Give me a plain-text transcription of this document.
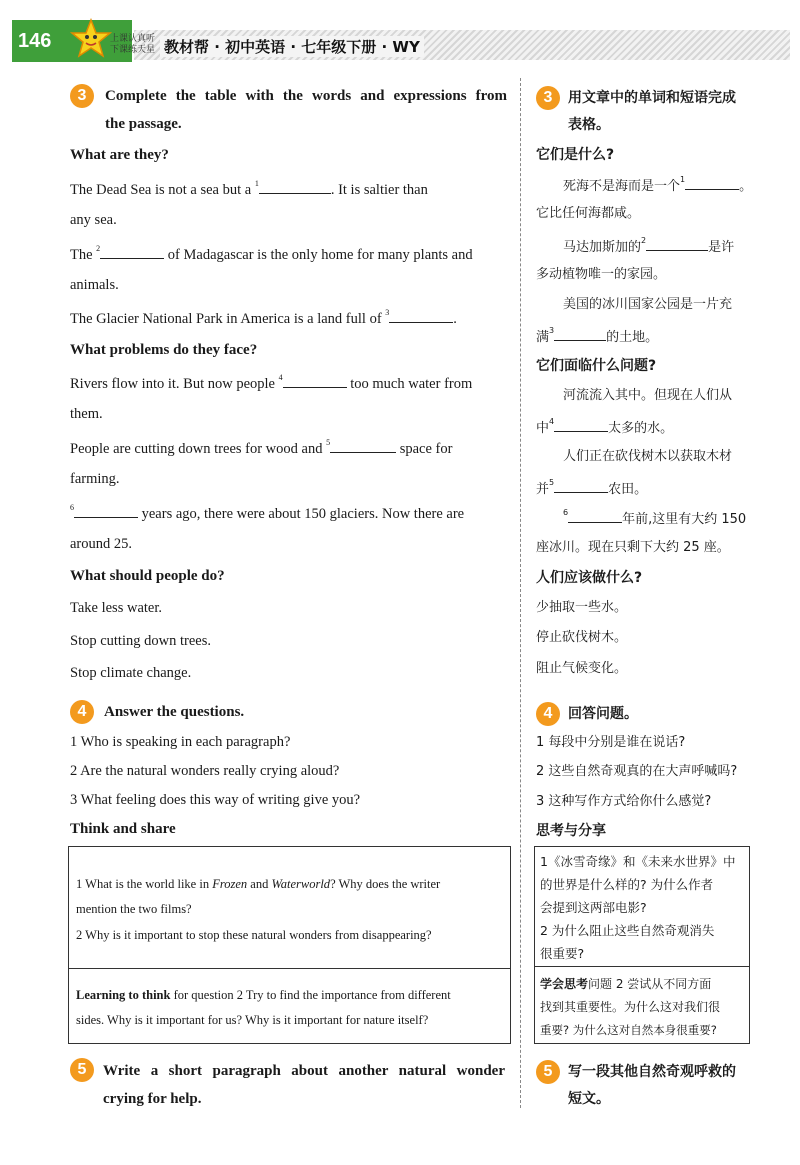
146	上课认真听
下课练天星 教材帮 · 初中英语 · 七年级下册 · WY
3	Complete the table with the words and expressions from
the passage.
What are they?
The Dead Sea is not a sea but a $^1$	. It is saltier than
any sea.
The $^2$	of Madagascar is the only home for many plants and
animals.
The Glacier National Park in America is a land full of $^3$	.
What problems do they face?
Rivers flow into it. But now people $^4$	too much water from
them.
People are cutting down trees for wood and $^5$	space for
farming.
$^6$	years ago, there were about 150 glaciers. Now there are
around 25.
What should people do?
Take less water.
Stop cutting down trees.
Stop climate change.
4	Answer the questions.
1 Who is speaking in each paragraph?
2 Are the natural wonders really crying aloud?
3 What feeling does this way of writing give you?
Think and share
1 What is the world like in Frozen and Waterworld? Why does the writer
mention the two films?
2 Why is it important to stop these natural wonders from disappearing?
Learning to think for question 2 Try to find the importance from different
sides. Why is it important for us? Why is it important for nature itself?
5	Write a short paragraph about another natural wonder
crying for help.
3	用文章中的单词和短语完成
表格。
它们是什么?
死海不是海而是一个$^1$	。
它比任何海都咸。
马达加斯加的$^2$	是许
多动植物唯一的家园。
美国的冰川国家公园是一片充
满$^3$	的土地。
它们面临什么问题?
河流流入其中。但现在人们从
中$^4$	太多的水。
人们正在砍伐树木以获取木材
并$^5$	农田。
$^6$	年前,这里有大约 150
座冰川。现在只剩下大约 25 座。
人们应该做什么?
少抽取一些水。
停止砍伐树木。
阻止气候变化。
4	回答问题。
1 每段中分别是谁在说话?
2 这些自然奇观真的在大声呼喊吗?
3 这种写作方式给你什么感觉?
思考与分享
1《冰雪奇缘》和《未来水世界》中
的世界是什么样的? 为什么作者
会提到这两部电影?
2 为什么阻止这些自然奇观消失
很重要?
学会思考问题 2 尝试从不同方面
找到其重要性。为什么这对我们很
重要? 为什么这对自然本身很重要?
5	写一段其他自然奇观呼救的
短文。
